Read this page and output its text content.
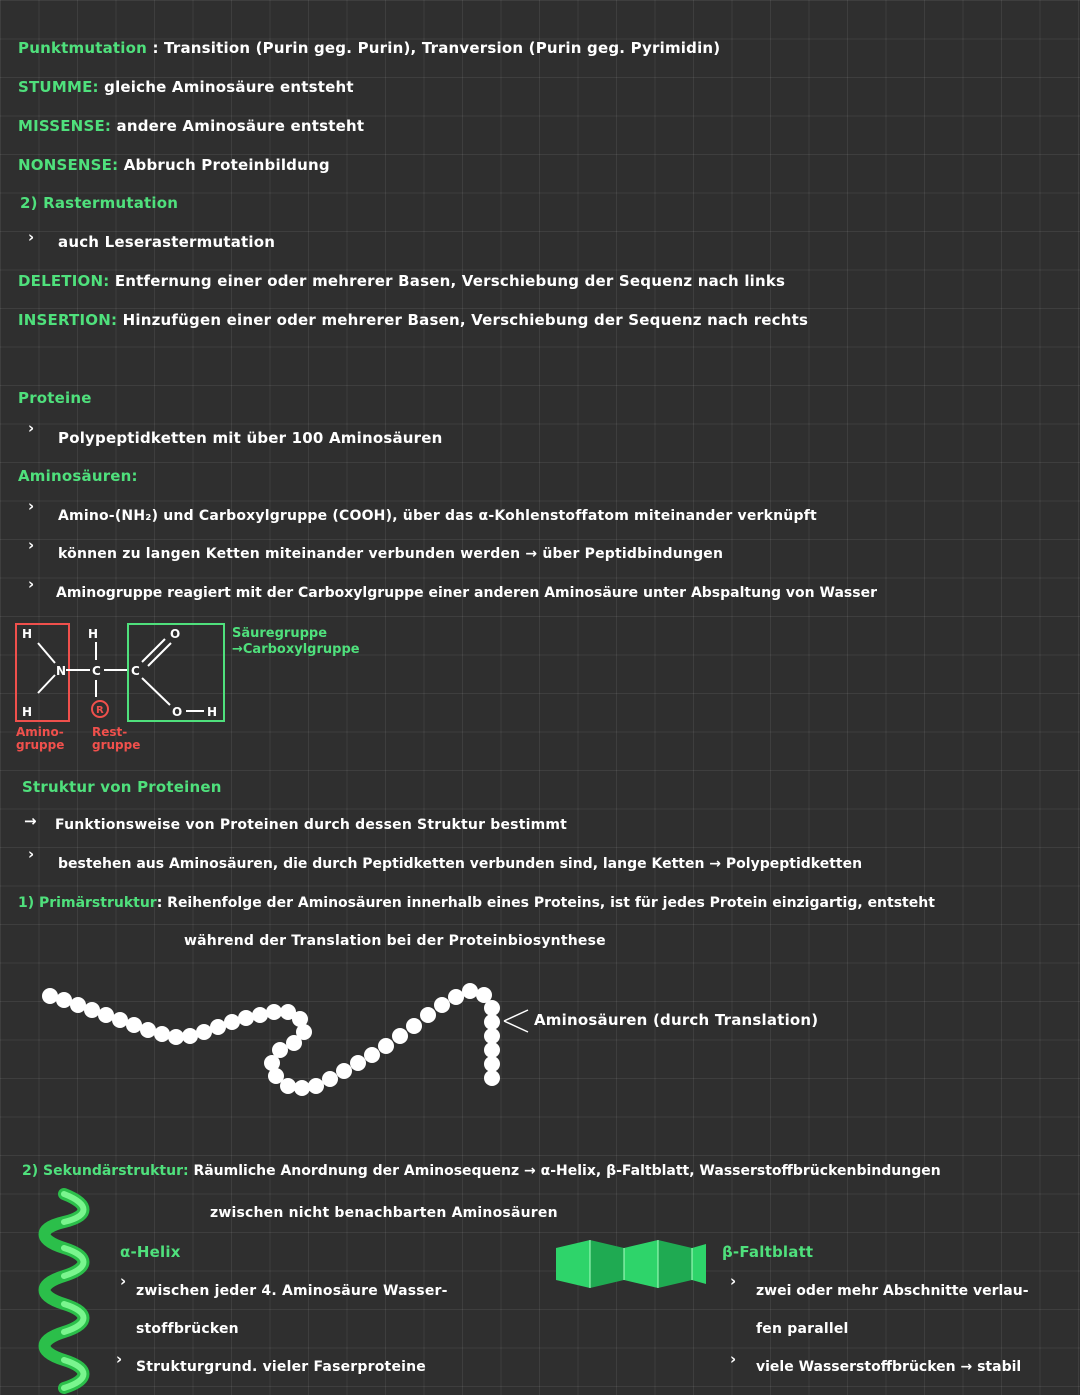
Punktmutation : Transition (Purin geg. Purin), Tranversion (Purin geg. Pyrimidin)
STUMME: gleiche Aminosäure entsteht
MISSENSE: andere Aminosäure entsteht
NONSENSE: Abbruch Proteinbildung
2) Rastermutation
› auch Leserastermutation
DELETION: Entfernung einer oder mehrerer Basen, Verschiebung der Sequenz nach links
INSERTION: Hinzufügen einer oder mehrerer Basen, Verschiebung der Sequenz nach rechts
Proteine
›
Polypeptidketten mit über 100 Aminosäuren
Aminosäuren:
›
Amino-(NH₂) und Carboxylgruppe (COOH), über das α-Kohlenstoffatom miteinander verknüpft
› können zu langen Ketten miteinander verbunden werden → über Peptidbindungen
› Aminogruppe reagiert mit der Carboxylgruppe einer anderen Aminosäure unter Abspaltung von Wasser
H	H
H
N C	C
O
O H
R
Säuregruppe
→Carboxylgruppe
Amino-
gruppe
Rest-
gruppe
Struktur von Proteinen
→ Funktionsweise von Proteinen durch dessen Struktur bestimmt
›
bestehen aus Aminosäuren, die durch Peptidketten verbunden sind, lange Ketten → Polypeptidketten
1) Primärstruktur: Reihenfolge der Aminosäuren innerhalb eines Proteins, ist für jedes Protein einzigartig, entsteht
während der Translation bei der Proteinbiosynthese
Aminosäuren (durch Translation)
2) Sekundärstruktur: Räumliche Anordnung der Aminosequenz → α-Helix, β-Faltblatt, Wasserstoffbrückenbindungen
zwischen nicht benachbarten Aminosäuren
α-Helix
›
zwischen jeder 4. Aminosäure Wasser-
stoffbrücken
› Strukturgrund. vieler Faserproteine
β-Faltblatt
›
zwei oder mehr Abschnitte verlau-
fen parallel
› viele Wasserstoffbrücken → stabil
